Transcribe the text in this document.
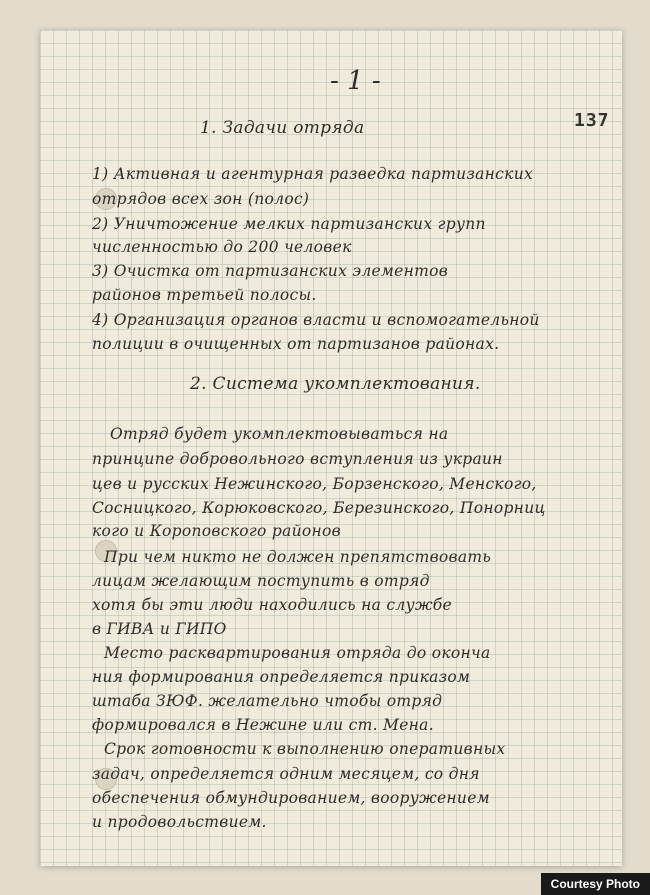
- 1 -
137
1. Задачи отряда
1) Активная и агентурная разведка партизанских
отрядов всех зон (полос)
2) Уничтожение мелких партизанских групп
численностью до 200 человек
3) Очистка от партизанских элементов
районов третьей полосы.
4) Организация органов власти и вспомогательной
полиции в очищенных от партизанов районах.
2. Система укомплектования.
Отряд будет укомплектовываться на
принципе добровольного вступления из украин
цев и русских Нежинского, Борзенского, Менского,
Сосницкого, Корюковского, Березинского, Понорниц
кого и Короповского районов
При чем никто не должен препятствовать
лицам желающим поступить в отряд
хотя бы эти люди находились на службе
в ГИВА и ГИПО
Место расквартирования отряда до оконча
ния формирования определяется приказом
штаба ЗЮФ. желательно чтобы отряд
формировался в Нежине или ст. Мена.
Срок готовности к выполнению оперативных
задач, определяется одним месяцем, со дня
обеспечения обмундированием, вооружением
и продовольствием.
Courtesy Photo
